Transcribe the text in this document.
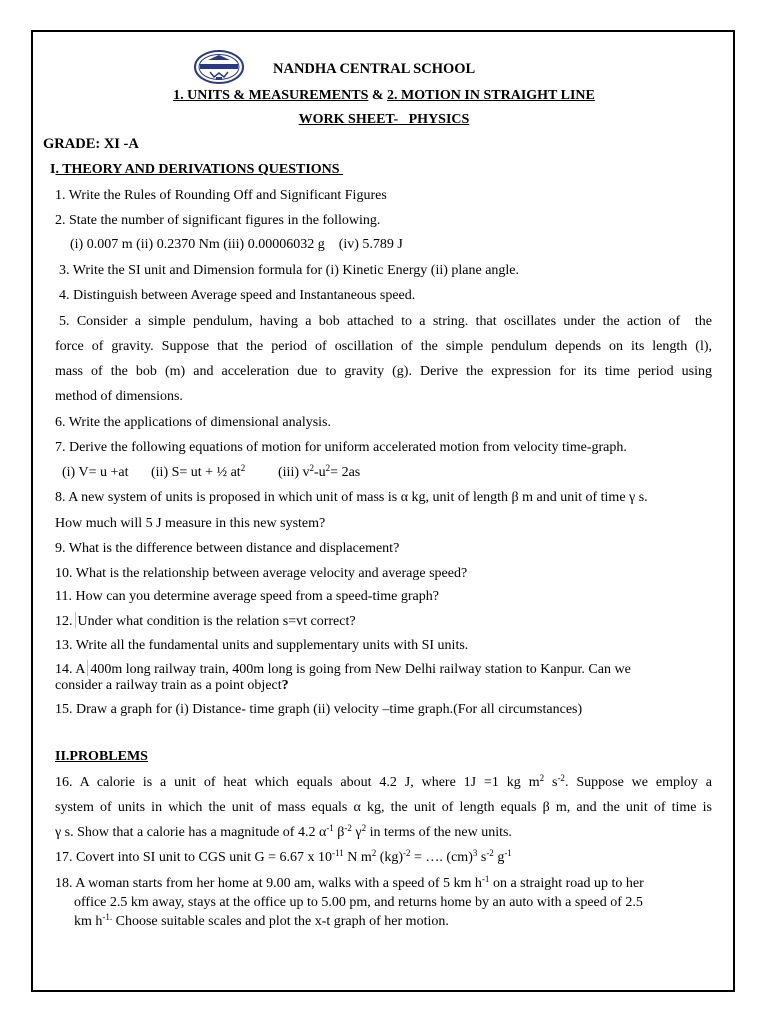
NANDHA CENTRAL SCHOOL
1. UNITS & MEASUREMENTS & 2. MOTION IN STRAIGHT LINE
WORK SHEET-   PHYSICS
GRADE: XI -A
I. THEORY AND DERIVATIONS QUESTIONS
1. Write the Rules of Rounding Off and Significant Figures
2. State the number of significant figures in the following.
(i) 0.007 m (ii) 0.2370 Nm (iii) 0.00006032 g    (iv) 5.789 J
3. Write the SI unit and Dimension formula for (i) Kinetic Energy (ii) plane angle.
4. Distinguish between Average speed and Instantaneous speed.
5. Consider a simple pendulum, having a bob attached to a string. that oscillates under the action of  the
force of gravity. Suppose that the period of oscillation of the simple pendulum depends on its length (l),
mass of the bob (m) and acceleration due to gravity (g). Derive the expression for its time period using
method of dimensions.
6. Write the applications of dimensional analysis.
7. Derive the following equations of motion for uniform accelerated motion from velocity time-graph.
(i) V= u +at (ii) S= ut + ½ $at^2$ (iii) $v^2-u^2= 2as$
8. A new system of units is proposed in which unit of mass is α kg, unit of length β m and unit of time γ s.
How much will 5 J measure in this new system?
9. What is the difference between distance and displacement?
10. What is the relationship between average velocity and average speed?
11. How can you determine average speed from a speed-time graph?
12. Under what condition is the relation s=vt correct?
13. Write all the fundamental units and supplementary units with SI units.
14. A 400m long railway train, 400m long is going from New Delhi railway station to Kanpur. Can we
consider a railway train as a point object?
15. Draw a graph for (i) Distance- time graph (ii) velocity –time graph.(For all circumstances)
II.PROBLEMS
16. A calorie is a unit of heat which equals about 4.2 J, where 1J =1 kg $m^2$ $s^{-2}$. Suppose we employ a
system of units in which the unit of mass equals α kg, the unit of length equals β m, and the unit of time is
γ s. Show that a calorie has a magnitude of 4.2 $\alpha^{-1}$ $\beta^{-2}$ $\gamma^2$ in terms of the new units.
17. Covert into SI unit to CGS unit G = 6.67 x $10^{-11}$ N $m^2$ (kg)$^{-2}$ = …. (cm)$^3$ $s^{-2}$ $g^{-1}$
18. A woman starts from her home at 9.00 am, walks with a speed of 5 km $h^{-1}$ on a straight road up to her
office 2.5 km away, stays at the office up to 5.00 pm, and returns home by an auto with a speed of 2.5
km $h^{-1.}$ Choose suitable scales and plot the x-t graph of her motion.
